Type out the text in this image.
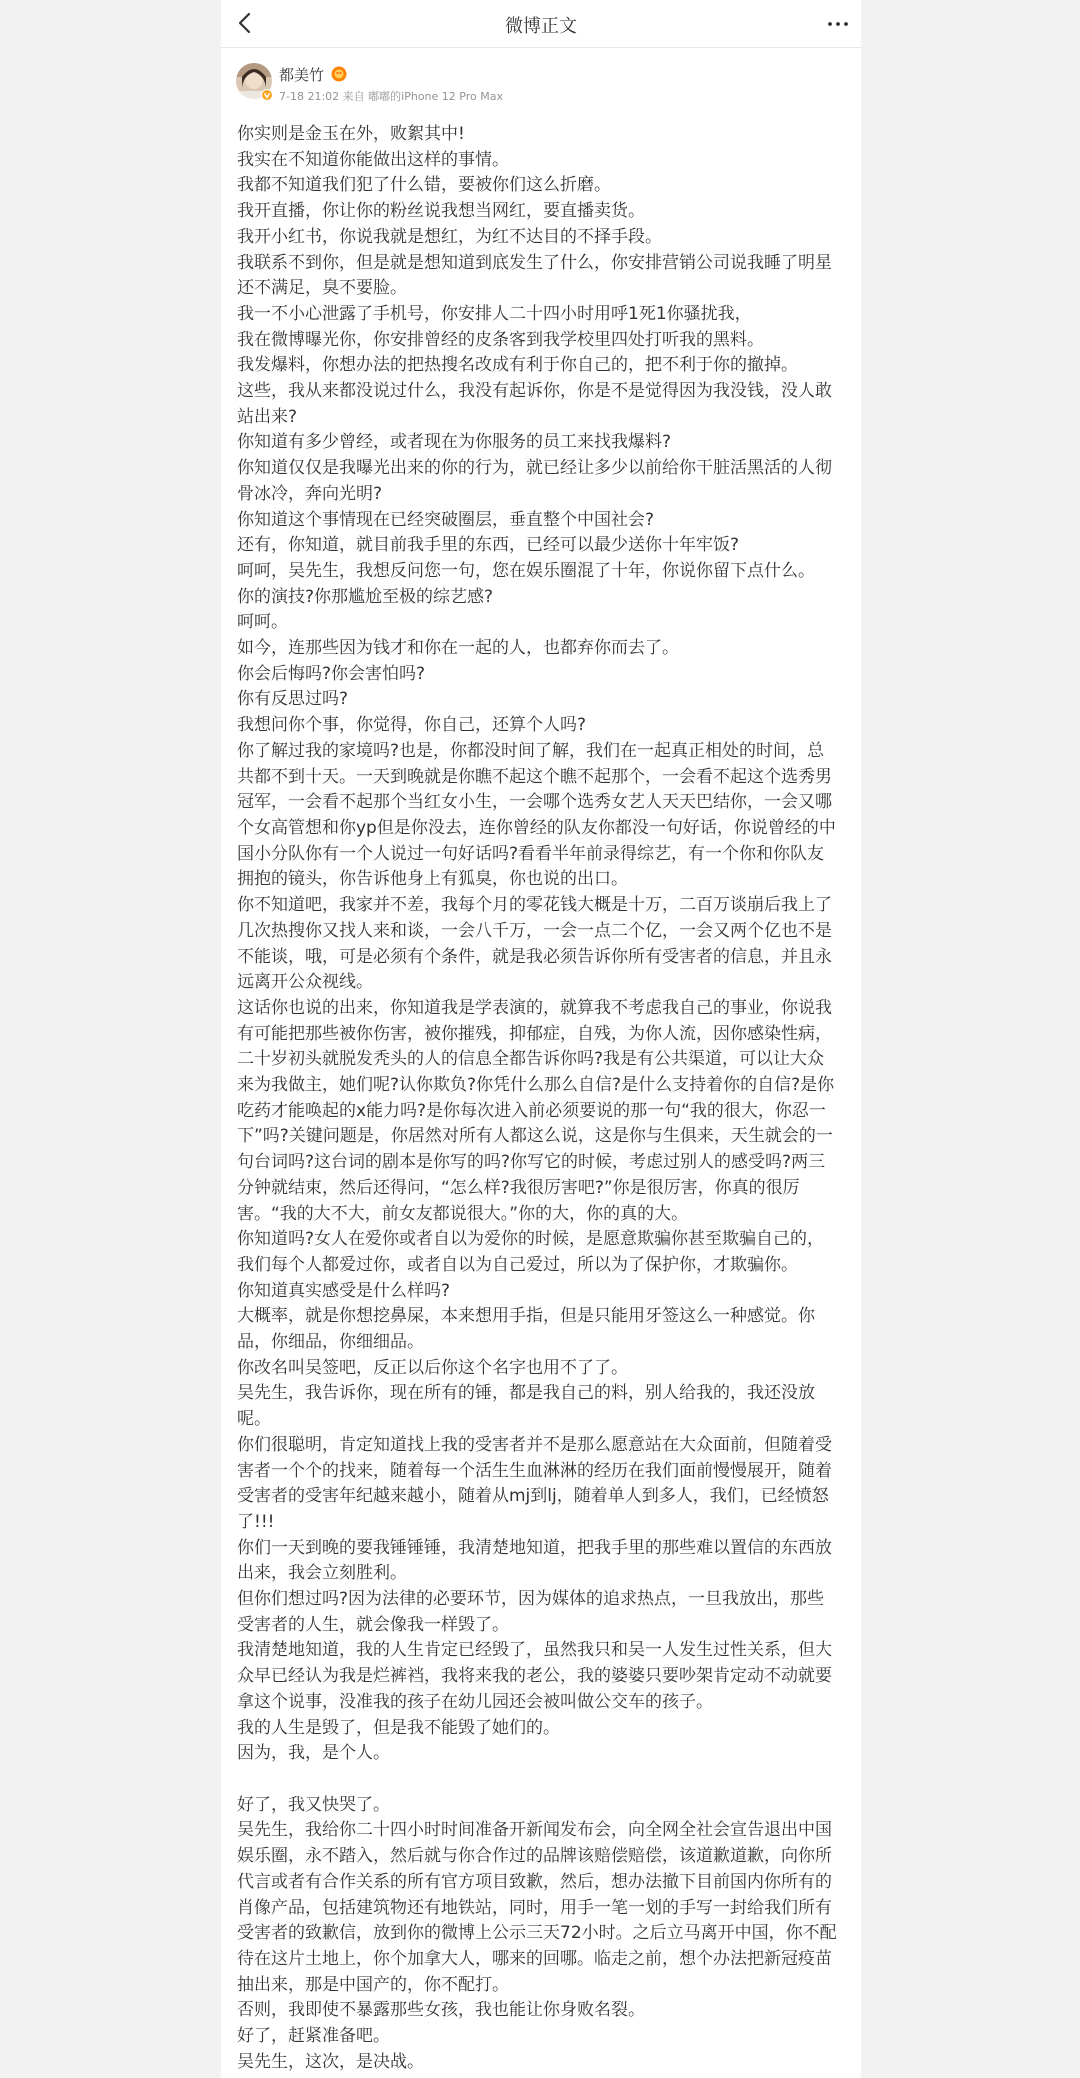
微博正文
都美竹
7-18 21:02 来自 嘟嘟的iPhone 12 Pro Max

你实则是金玉在外，败絮其中!

我实在不知道你能做出这样的事情。

我都不知道我们犯了什么错，要被你们这么折磨。

我开直播，你让你的粉丝说我想当网红，要直播卖货。

我开小红书，你说我就是想红，为红不达目的不择手段。

我联系不到你，但是就是想知道到底发生了什么，你安排营销公司说我睡了明星还不满足，臭不要脸。

我一不小心泄露了手机号，你安排人二十四小时用呼1死1你骚扰我，

我在微博曝光你，你安排曾经的皮条客到我学校里四处打听我的黑料。

我发爆料，你想办法的把热搜名改成有利于你自己的，把不利于你的撤掉。

这些，我从来都没说过什么，我没有起诉你，你是不是觉得因为我没钱，没人敢站出来?

你知道有多少曾经，或者现在为你服务的员工来找我爆料?

你知道仅仅是我曝光出来的你的行为，就已经让多少以前给你干脏活黑活的人彻骨冰冷，奔向光明?

你知道这个事情现在已经突破圈层，垂直整个中国社会?

还有，你知道，就目前我手里的东西，已经可以最少送你十年牢饭?

呵呵，吴先生，我想反问您一句，您在娱乐圈混了十年，你说你留下点什么。

你的演技?你那尴尬至极的综艺感?

呵呵。

如今，连那些因为钱才和你在一起的人，也都弃你而去了。

你会后悔吗?你会害怕吗?

你有反思过吗?

我想问你个事，你觉得，你自己，还算个人吗?

你了解过我的家境吗?也是，你都没时间了解，我们在一起真正相处的时间，总共都不到十天。一天到晚就是你瞧不起这个瞧不起那个，一会看不起这个选秀男冠军，一会看不起那个当红女小生，一会哪个选秀女艺人天天巴结你，一会又哪个女高管想和你yp但是你没去，连你曾经的队友你都没一句好话，你说曾经的中国小分队你有一个人说过一句好话吗?看看半年前录得综艺，有一个你和你队友拥抱的镜头，你告诉他身上有狐臭，你也说的出口。

你不知道吧，我家并不差，我每个月的零花钱大概是十万，二百万谈崩后我上了几次热搜你又找人来和谈，一会八千万，一会一点二个亿，一会又两个亿也不是不能谈，哦，可是必须有个条件，就是我必须告诉你所有受害者的信息，并且永远离开公众视线。

这话你也说的出来，你知道我是学表演的，就算我不考虑我自己的事业，你说我有可能把那些被你伤害，被你摧残，抑郁症，自残，为你人流，因你感染性病，二十岁初头就脱发秃头的人的信息全都告诉你吗?我是有公共渠道，可以让大众来为我做主，她们呢?认你欺负?你凭什么那么自信?是什么支持着你的自信?是你吃药才能唤起的x能力吗?是你每次进入前必须要说的那一句“我的很大，你忍一下”吗?关键问题是，你居然对所有人都这么说，这是你与生俱来，天生就会的一句台词吗?这台词的剧本是你写的吗?你写它的时候，考虑过别人的感受吗?两三分钟就结束，然后还得问，“怎么样?我很厉害吧?”你是很厉害，你真的很厉害。“我的大不大，前女友都说很大。”你的大，你的真的大。

你知道吗?女人在爱你或者自以为爱你的时候，是愿意欺骗你甚至欺骗自己的，我们每个人都爱过你，或者自以为自己爱过，所以为了保护你，才欺骗你。

你知道真实感受是什么样吗?

大概率，就是你想挖鼻屎，本来想用手指，但是只能用牙签这么一种感觉。你品，你细品，你细细品。

你改名叫吴签吧，反正以后你这个名字也用不了了。

吴先生，我告诉你，现在所有的锤，都是我自己的料，别人给我的，我还没放呢。

你们很聪明，肯定知道找上我的受害者并不是那么愿意站在大众面前，但随着受害者一个个的找来，随着每一个活生生血淋淋的经历在我们面前慢慢展开，随着受害者的受害年纪越来越小，随着从mj到lj，随着单人到多人，我们，已经愤怒了!!!

你们一天到晚的要我锤锤锤，我清楚地知道，把我手里的那些难以置信的东西放出来，我会立刻胜利。

但你们想过吗?因为法律的必要环节，因为媒体的追求热点，一旦我放出，那些受害者的人生，就会像我一样毁了。

我清楚地知道，我的人生肯定已经毁了，虽然我只和吴一人发生过性关系，但大众早已经认为我是烂裤裆，我将来我的老公，我的婆婆只要吵架肯定动不动就要拿这个说事，没准我的孩子在幼儿园还会被叫做公交车的孩子。

我的人生是毁了，但是我不能毁了她们的。

因为，我，是个人。

好了，我又快哭了。

吴先生，我给你二十四小时时间准备开新闻发布会，向全网全社会宣告退出中国娱乐圈，永不踏入，然后就与你合作过的品牌该赔偿赔偿，该道歉道歉，向你所代言或者有合作关系的所有官方项目致歉，然后，想办法撤下目前国内你所有的肖像产品，包括建筑物还有地铁站，同时，用手一笔一划的手写一封给我们所有受害者的致歉信，放到你的微博上公示三天72小时。之后立马离开中国，你不配待在这片土地上，你个加拿大人，哪来的回哪。临走之前，想个办法把新冠疫苗抽出来，那是中国产的，你不配打。

否则，我即使不暴露那些女孩，我也能让你身败名裂。

好了，赶紧准备吧。

吴先生，这次，是决战。
